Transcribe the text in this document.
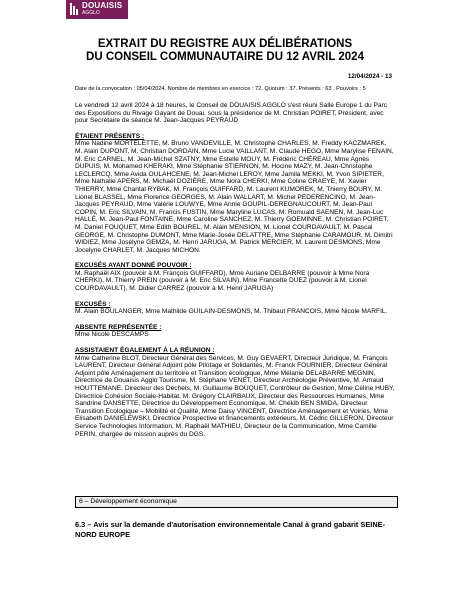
DOUAISIS
AGGLO
EXTRAIT DU REGISTRE AUX DÉLIBÉRATIONS
DU CONSEIL COMMUNAUTAIRE DU 12 AVRIL 2024
12/04/2024 - 13
Date de la convocation : 05/04/2024. Nombre de membres en exercice : 72. Quorum : 37. Présents : 63 . Pouvoirs : 5

Le vendredi 12 avril 2024 à 18 heures, le Conseil de DOUAISIS AGGLO s'est réuni Salle Europe 1 du Parc des Expositions du Rivage Gayant de Douai, sous la présidence de M. Christian POIRET, Président, avec pour Secrétaire de séance M. Jean-Jacques PEYRAUD

ÉTAIENT PRÉSENTS :

Mme Nadine MORTELETTE, M. Bruno VANDEVILLE, M. Christophe CHARLES, M. Freddy KACZMAREK, M. Alain DUPONT, M. Christian DORDAIN, Mme Lucie VAILLANT, M. Claude HEGO, Mme Marylise FENAIN, M. Eric CARNEL, M. Jean-Michel SZATNY, Mme Estelle MOUY, M. Frédéric CHÉREAU, Mme Agnès DUPUIS, M. Mohamed KHERAKI, Mme Stéphanie STIERNON, M. Hocine MAZY, M. Jean-Christophe LECLERCQ, Mme Avida OULAHCENE, M. Jean-Michel LEROY, Mme Jamila MEKKI, M. Yvon SIPIETER, Mme Nathalie APERS, M. Michaël DOZIÈRE, Mme Nora CHERKI, Mme Coline CRAEYE, M. Xavier THIERRY, Mme Chantal RYBAK, M. François GUIFFARD, M. Laurent KUMOREK, M. Thierry BOURY, M. Lionel BLASSEL, Mme Florence GEORGES, M. Alain WALLART, M. Michel PEDERENCINO, M. Jean-Jacques PEYRAUD, Mme Valérie LOUWYE, Mme Annie GOUPIL-DEREGNAUCOURT, M. Jean-Paul COPIN, M. Eric SILVAIN, M. Francis FUSTIN, Mme Maryline LUCAS, M. Romuald SAENEN, M. Jean-Luc HALLÉ, M. Jean-Paul FONTAINE, Mme Caroline SANCHEZ, M. Thierry GOEMINNE, M. Christian POIRET, M. Daniel FOUQUET, Mme Edith BOUREL, M. Alain MENSION, M. Lionel COURDAVAULT, M. Pascal GEORGE, M. Christophe DUMONT, Mme Marie-Josée DELATTRE, Mme Stéphanie CARAMOUR, M. Dimitri WIDIEZ, Mme Josélyne GEMZA, M. Henri JARUGA, M. Patrick MERCIER, M. Laurent DESMONS, Mme Jocelyne CHARLET, M. Jacques MICHON.

EXCUSÉS AYANT DONNÉ POUVOIR :

M. Raphaël AIX (pouvoir à M. François GUIFFARD), Mme Auriane DELBARRE (pouvoir à Mme Nora CHERKI), M. Thierry PREIN (pouvoir à M. Eric SILVAIN), Mme Francette DUEZ (pouvoir à M. Lionel COURDAVAULT), M. Didier CARREZ (pouvoir à M. Henri JARUGA)

EXCUSÉS :

M. Alain BOULANGER, Mme Mathilde GUILAIN-DESMONS, M. Thibaut FRANCOIS, Mme Nicole MARFIL.

ABSENTE REPRÉSENTÉE :

Mme Nicole DESCAMPS

ASSISTAIENT ÉGALEMENT À LA RÉUNION :

Mme Catherine BLOT, Directeur Général des Services, M. Guy GEVAERT, Directeur Juridique, M. François LAURENT, Directeur Général Adjoint pôle Pilotage et Solidarités, M. Franck FOURNIER, Directeur Général Adjoint pôle Aménagement du territoire et Transition écologique, Mme Mélanie DELABARRE MEGNIN, Directrice de Douaisis Agglo Tourisme, M. Stéphane VENET, Directeur Archéologie Préventive, M. Arnaud HOUTTEMANE, Directeur des Déchets, M. Guillaume BOUQUET, Contrôleur de Gestion, Mme Céline HUBY, Directrice Cohésion Sociale-Habitat, M. Grégory CLAIRBAUX, Directeur des Ressources Humaines, Mme Sandrine DANSETTE, Directrice du Développement Economique, M. Chékib BEN SMIDA, Directeur Transition Ecologique – Mobilité et Qualité, Mme Daisy VINCENT, Directrice Aménagement et Voiries, Mme Elisabeth DANIELEWSKI, Directrice Prospective et financements extérieurs, M. Cédric GILLERON, Directeur Service Technologies Information, M. Raphaël MATHIEU, Directeur de la Communication, Mme Camille PERIN, chargée de mission auprès du DGS.

6 – Développement économique
6.3 – Avis sur la demande d'autorisation environnementale Canal à grand gabarit SEINE-NORD EUROPE
